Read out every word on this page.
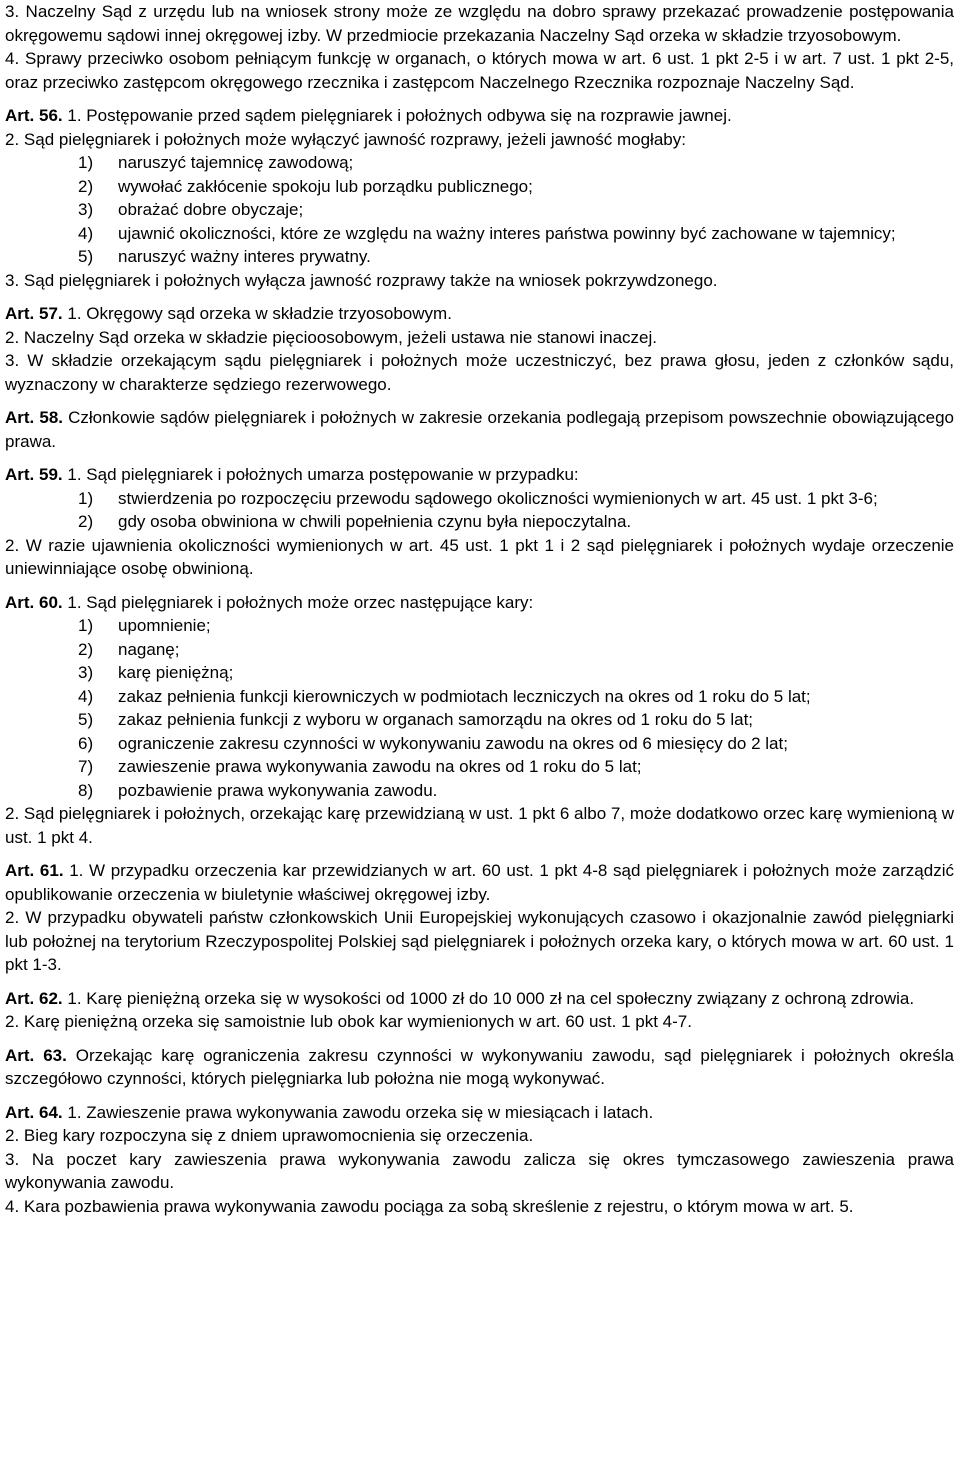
3. Naczelny Sąd z urzędu lub na wniosek strony może ze względu na dobro sprawy przekazać prowadzenie postępowania okręgowemu sądowi innej okręgowej izby. W przedmiocie przekazania Naczelny Sąd orzeka w składzie trzyosobowym.

4. Sprawy przeciwko osobom pełniącym funkcję w organach, o których mowa w art. 6 ust. 1 pkt 2-5 i w art. 7 ust. 1 pkt 2-5, oraz przeciwko zastępcom okręgowego rzecznika i zastępcom Naczelnego Rzecznika rozpoznaje Naczelny Sąd.

Art. 56. 1. Postępowanie przed sądem pielęgniarek i położnych odbywa się na rozprawie jawnej.

2. Sąd pielęgniarek i położnych może wyłączyć jawność rozprawy, jeżeli jawność mogłaby:

1)	naruszyć tajemnicę zawodową;
2)	wywołać zakłócenie spokoju lub porządku publicznego;
3)	obrażać dobre obyczaje;
4)	ujawnić okoliczności, które ze względu na ważny interes państwa powinny być zachowane w tajemnicy;
5)	naruszyć ważny interes prywatny.

3. Sąd pielęgniarek i położnych wyłącza jawność rozprawy także na wniosek pokrzywdzonego.

Art. 57. 1. Okręgowy sąd orzeka w składzie trzyosobowym.

2. Naczelny Sąd orzeka w składzie pięcioosobowym, jeżeli ustawa nie stanowi inaczej.

3. W składzie orzekającym sądu pielęgniarek i położnych może uczestniczyć, bez prawa głosu, jeden z członków sądu, wyznaczony w charakterze sędziego rezerwowego.

Art. 58. Członkowie sądów pielęgniarek i położnych w zakresie orzekania podlegają przepisom powszechnie obowiązującego prawa.

Art. 59. 1. Sąd pielęgniarek i położnych umarza postępowanie w przypadku:

1)	stwierdzenia po rozpoczęciu przewodu sądowego okoliczności wymienionych w art. 45 ust. 1 pkt 3-6;
2)	gdy osoba obwiniona w chwili popełnienia czynu była niepoczytalna.

2. W razie ujawnienia okoliczności wymienionych w art. 45 ust. 1 pkt 1 i 2 sąd pielęgniarek i położnych wydaje orzeczenie uniewinniające osobę obwinioną.

Art. 60. 1. Sąd pielęgniarek i położnych może orzec następujące kary:

1)	upomnienie;
2)	naganę;
3)	karę pieniężną;
4)	zakaz pełnienia funkcji kierowniczych w podmiotach leczniczych na okres od 1 roku do 5 lat;
5)	zakaz pełnienia funkcji z wyboru w organach samorządu na okres od 1 roku do 5 lat;
6)	ograniczenie zakresu czynności w wykonywaniu zawodu na okres od 6 miesięcy do 2 lat;
7)	zawieszenie prawa wykonywania zawodu na okres od 1 roku do 5 lat;
8)	pozbawienie prawa wykonywania zawodu.

2. Sąd pielęgniarek i położnych, orzekając karę przewidzianą w ust. 1 pkt 6 albo 7, może dodatkowo orzec karę wymienioną w ust. 1 pkt 4.

Art. 61. 1. W przypadku orzeczenia kar przewidzianych w art. 60 ust. 1 pkt 4-8 sąd pielęgniarek i położnych może zarządzić opublikowanie orzeczenia w biuletynie właściwej okręgowej izby.

2. W przypadku obywateli państw członkowskich Unii Europejskiej wykonujących czasowo i okazjonalnie zawód pielęgniarki lub położnej na terytorium Rzeczypospolitej Polskiej sąd pielęgniarek i położnych orzeka kary, o których mowa w art. 60 ust. 1 pkt 1-3.

Art. 62. 1. Karę pieniężną orzeka się w wysokości od 1000 zł do 10 000 zł na cel społeczny związany z ochroną zdrowia.

2. Karę pieniężną orzeka się samoistnie lub obok kar wymienionych w art. 60 ust. 1 pkt 4-7.

Art. 63. Orzekając karę ograniczenia zakresu czynności w wykonywaniu zawodu, sąd pielęgniarek i położnych określa szczegółowo czynności, których pielęgniarka lub położna nie mogą wykonywać.

Art. 64. 1. Zawieszenie prawa wykonywania zawodu orzeka się w miesiącach i latach.

2. Bieg kary rozpoczyna się z dniem uprawomocnienia się orzeczenia.

3. Na poczet kary zawieszenia prawa wykonywania zawodu zalicza się okres tymczasowego zawieszenia prawa wykonywania zawodu.

4. Kara pozbawienia prawa wykonywania zawodu pociąga za sobą skreślenie z rejestru, o którym mowa w art. 5.
